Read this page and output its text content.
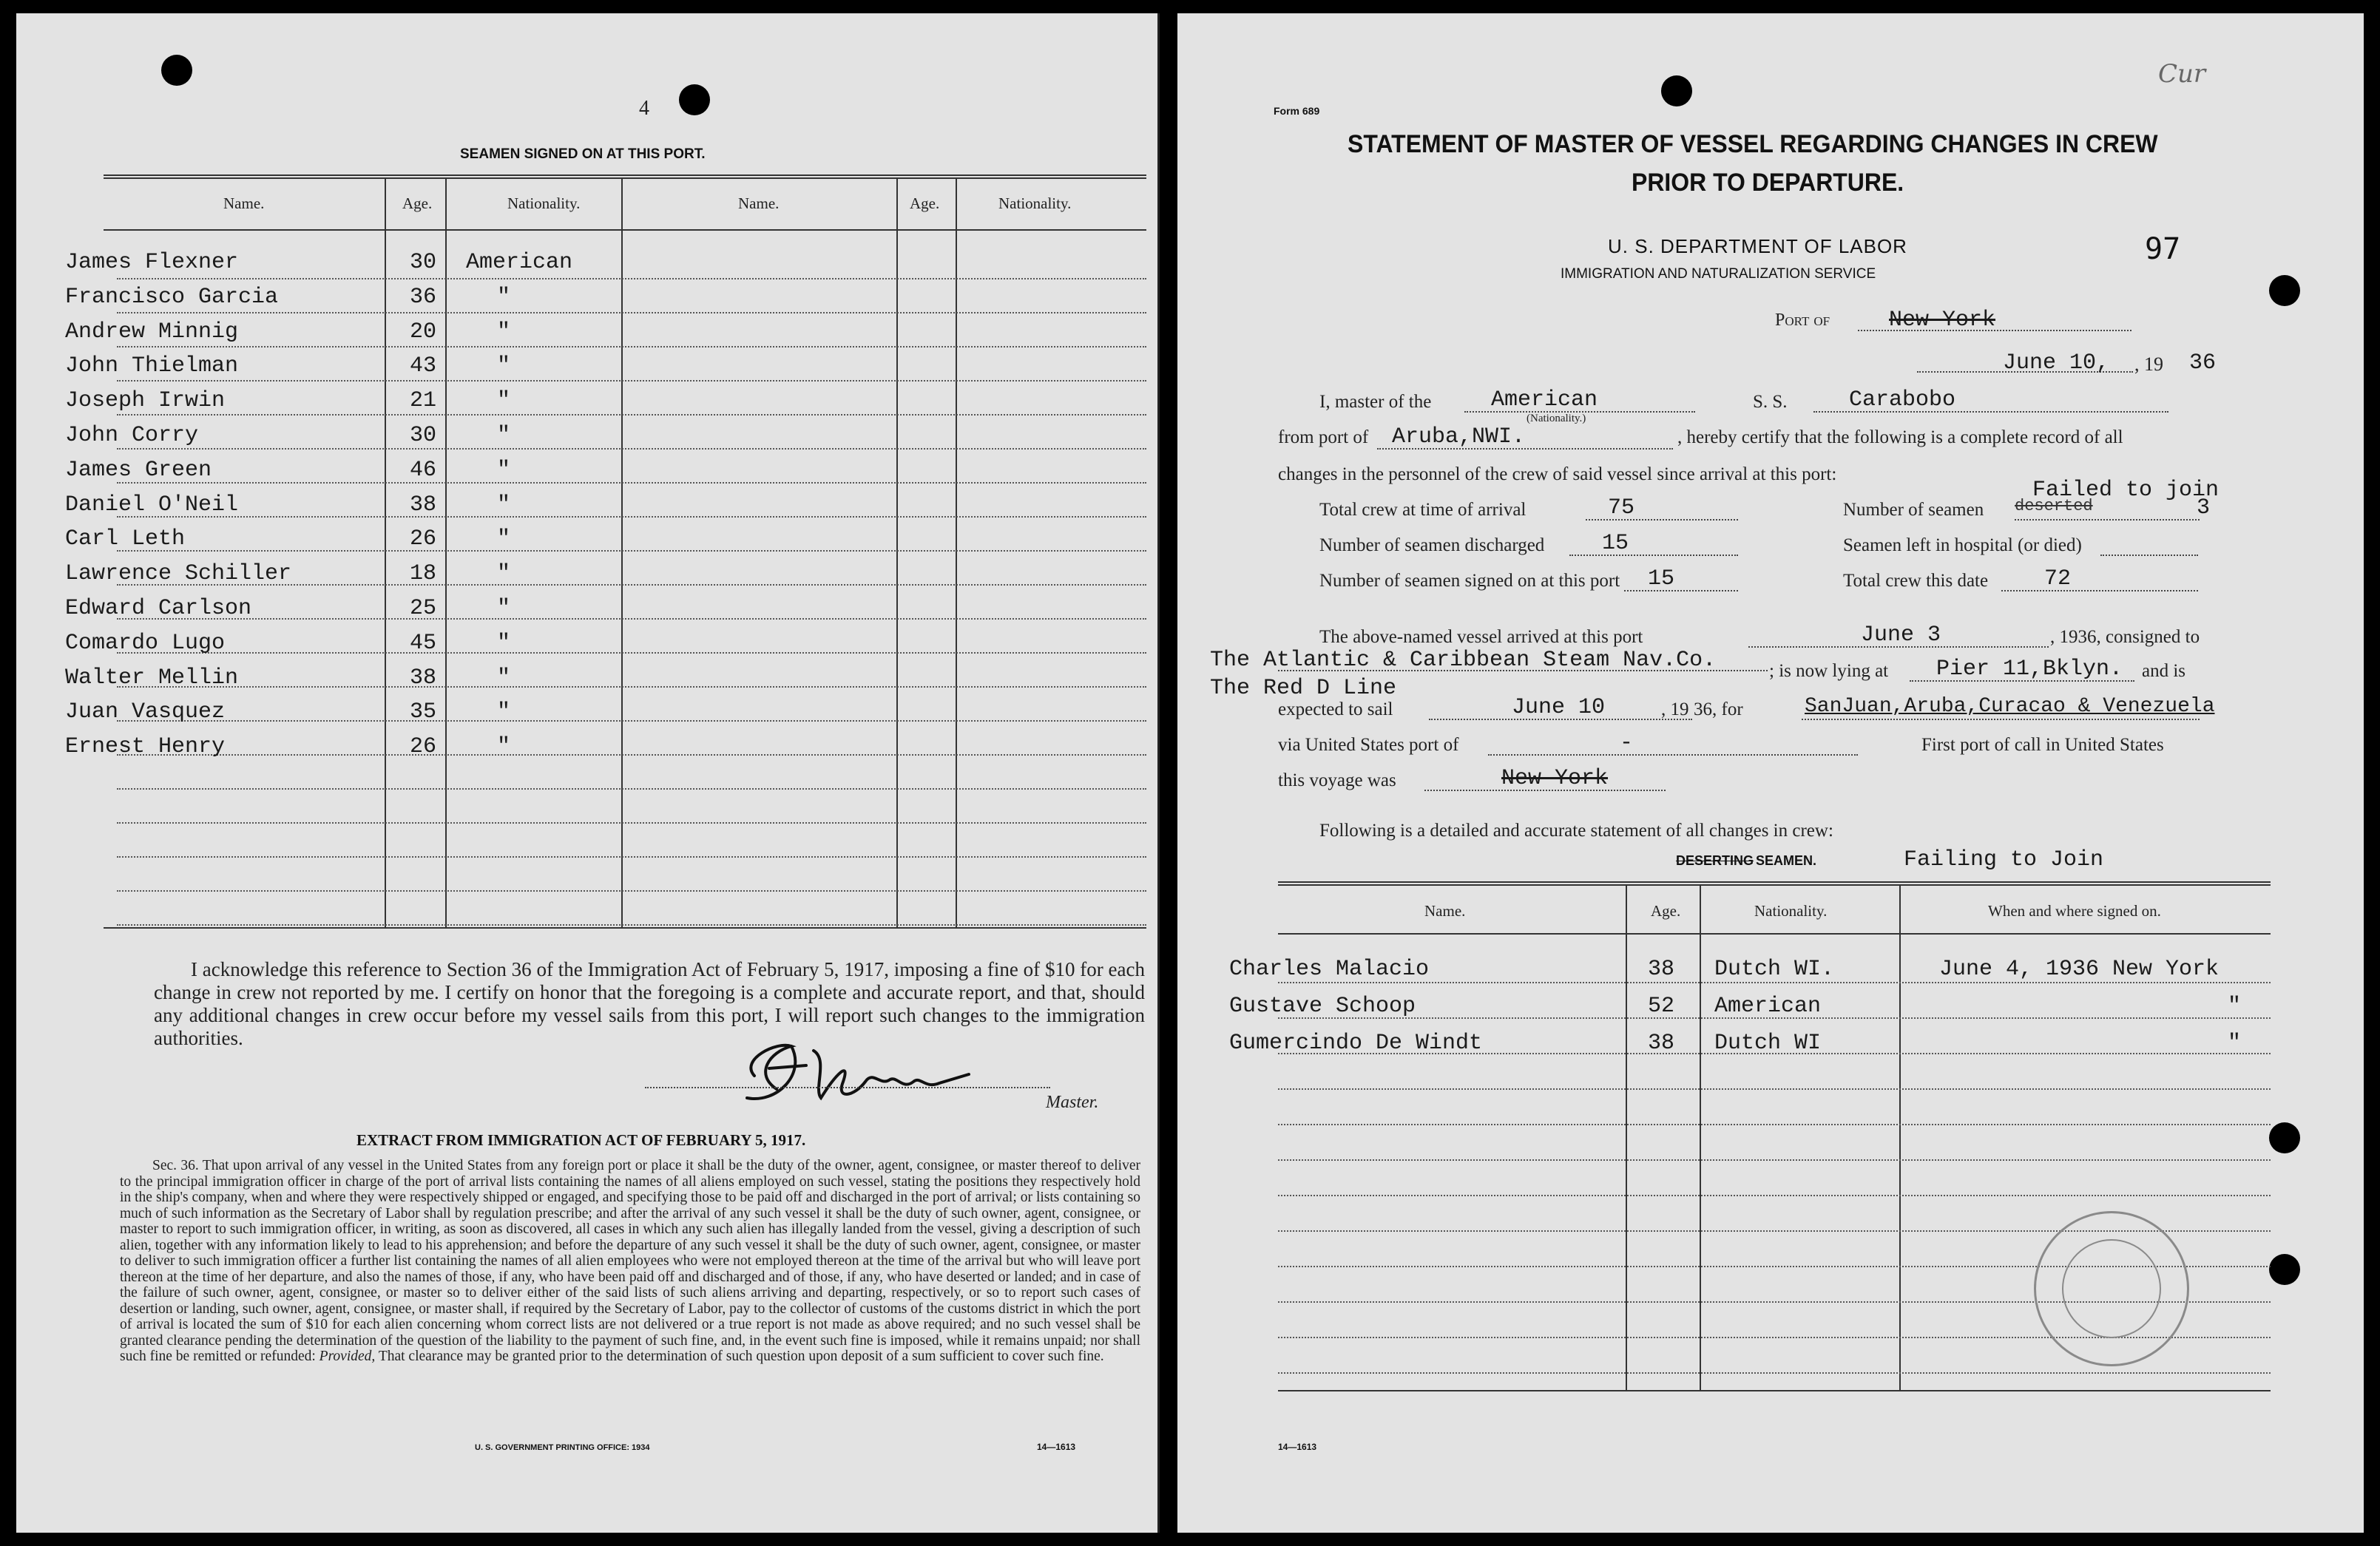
4
SEAMEN SIGNED ON AT THIS PORT.
Name.	Age.	Nationality.	Name.	Age.	Nationality.
James Flexner	30 American
Francisco Garcia	36	"
Andrew Minnig	20	"
John Thielman	43	"
Joseph Irwin	21	"
John Corry	30	"
James Green	46	"
Daniel O'Neil	38	"
Carl Leth	26	"
Lawrence Schiller	18	"
Edward Carlson	25	"
Comardo Lugo	45	"
Walter Mellin	38	"
Juan Vasquez	35	"
Ernest Henry	26	"
I acknowledge this reference to Section 36 of the Immigration Act of February 5, 1917, imposing a fine of $10 for each change in crew not reported by me. I certify on honor that the foregoing is a complete and accurate report, and that, should any additional changes in crew occur before my vessel sails from this port, I will report such changes to the immigration authorities.
Master.
EXTRACT FROM IMMIGRATION ACT OF FEBRUARY 5, 1917.
Sec. 36. That upon arrival of any vessel in the United States from any foreign port or place it shall be the duty of the owner, agent, consignee, or master thereof to deliver to the principal immigration officer in charge of the port of arrival lists containing the names of all aliens employed on such vessel, stating the positions they respectively hold in the ship's company, when and where they were respectively shipped or engaged, and specifying those to be paid off and discharged in the port of arrival; or lists containing so much of such information as the Secretary of Labor shall by regulation prescribe; and after the arrival of any such vessel it shall be the duty of such owner, agent, consignee, or master to report to such immigration officer, in writing, as soon as discovered, all cases in which any such alien has illegally landed from the vessel, giving a description of such alien, together with any information likely to lead to his apprehension; and before the departure of any such vessel it shall be the duty of such owner, agent, consignee, or master to deliver to such immigration officer a further list containing the names of all alien employees who were not employed thereon at the time of the arrival but who will leave port thereon at the time of her departure, and also the names of those, if any, who have been paid off and discharged and of those, if any, who have deserted or landed; and in case of the failure of such owner, agent, consignee, or master so to deliver either of the said lists of such aliens arriving and departing, respectively, or so to report such cases of desertion or landing, such owner, agent, consignee, or master shall, if required by the Secretary of Labor, pay to the collector of customs of the customs district in which the port of arrival is located the sum of $10 for each alien concerning whom correct lists are not delivered or a true report is not made as above required; and no such vessel shall be granted clearance pending the determination of the question of the liability to the payment of such fine, and, in the event such fine is imposed, while it remains unpaid; nor shall such fine be remitted or refunded: Provided, That clearance may be granted prior to the determination of such question upon deposit of a sum sufficient to cover such fine.
U. S. GOVERNMENT PRINTING OFFICE: 1934	14—1613
Form 689
Cur
STATEMENT OF MASTER OF VESSEL REGARDING CHANGES IN CREW
PRIOR TO DEPARTURE.
U. S. DEPARTMENT OF LABOR
IMMIGRATION AND NATURALIZATION SERVICE
97
Port of	New York
June 10, , 19 36
I, master of the	American
(Nationality.)
S. S.	Carabobo
from port of Aruba,NWI.	, hereby certify that the following is a complete record of all
changes in the personnel of the crew of said vessel since arrival at this port:
Total crew at time of arrival	75
Failed to join
Number of seamen deserted	3
Number of seamen discharged	15	Seamen left in hospital (or died)
Number of seamen signed on at this port 15	Total crew this date	72
The above-named vessel arrived at this port	June 3	, 1936, consigned to
The Atlantic & Caribbean Steam Nav.Co.	; is now lying at Pier 11,Bklyn. and is
The Red D Line
expected to sail	June 10	, 19 36, for	SanJuan,Aruba,Curacao & Venezuela
via United States port of	-	First port of call in United States
this voyage was	New York
Following is a detailed and accurate statement of all changes in crew:
DESERTING SEAMEN.	Failing to Join
Name.	Age.	Nationality.	When and where signed on.
Charles Malacio	38 Dutch WI.	June 4, 1936 New York
Gustave Schoop	52 American	"
Gumercindo De Windt	38 Dutch WI	"
14—1613
